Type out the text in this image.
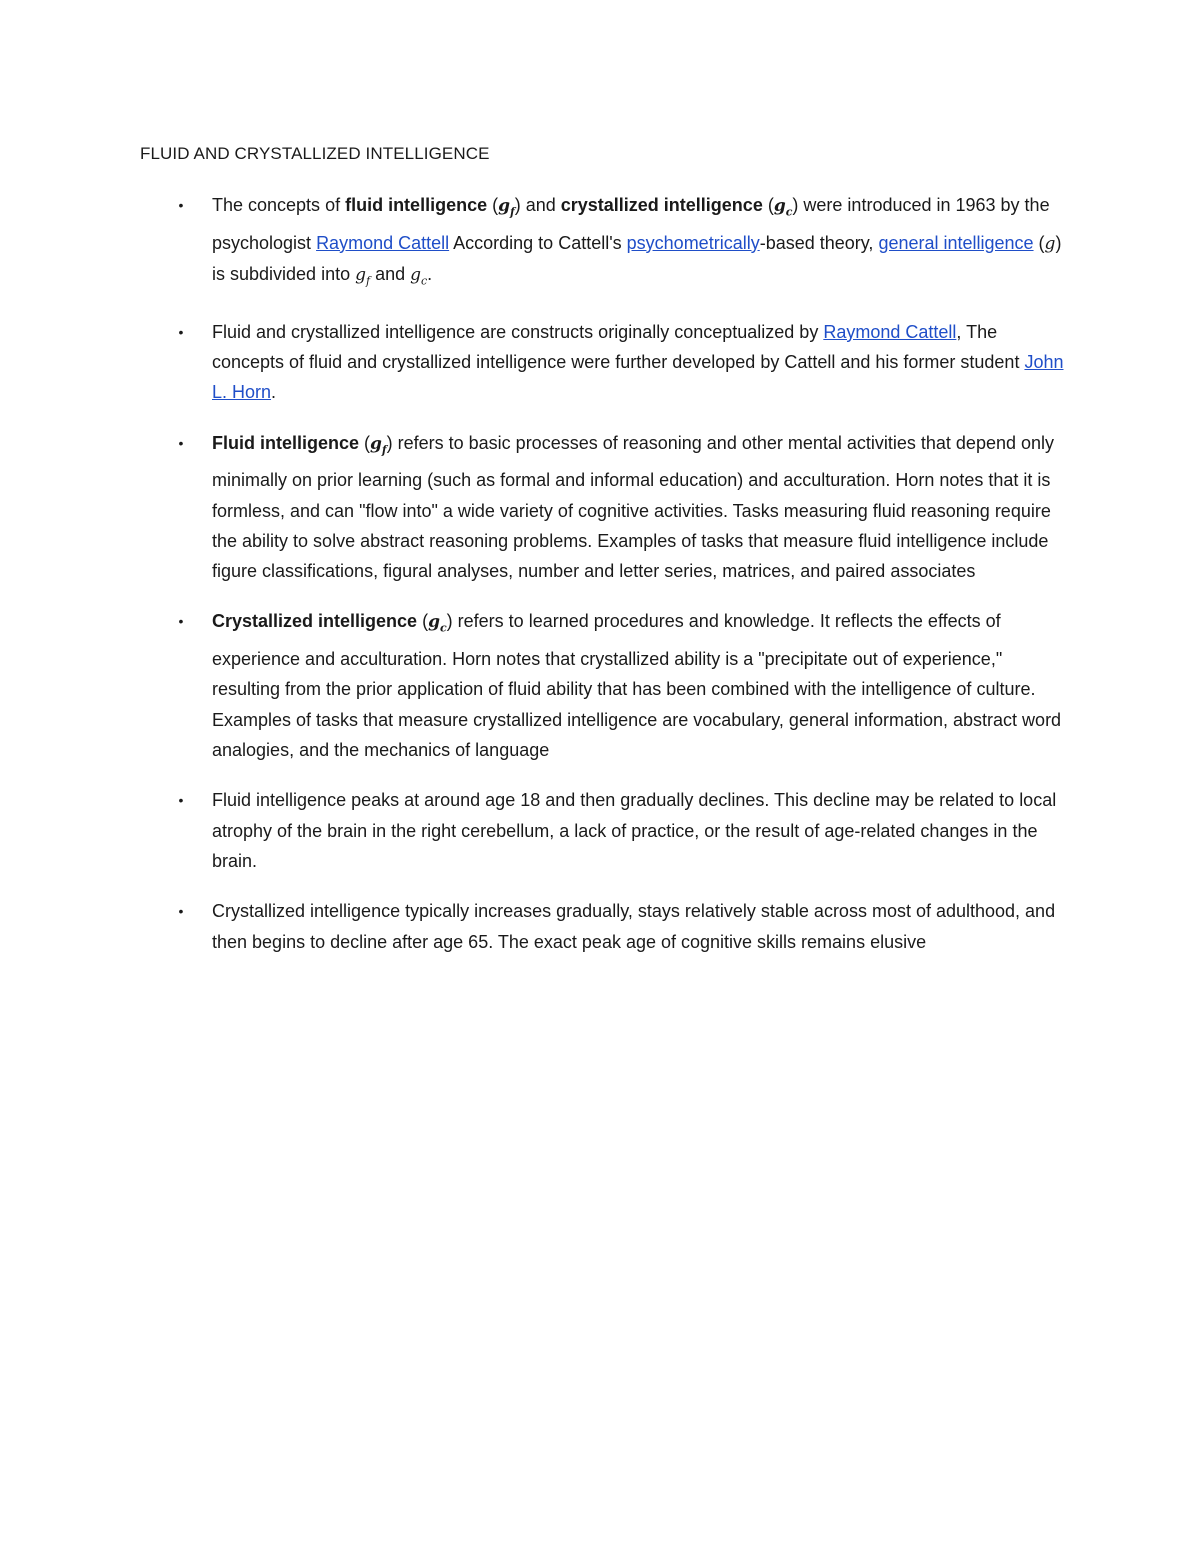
FLUID AND CRYSTALLIZED INTELLIGENCE
• The concepts of fluid intelligence $(g_f)$ and crystallized intelligence $(g_c)$ were introduced in 1963 by the psychologist Raymond Cattell According to Cattell's psychometrically-based theory, general intelligence (g) is subdivided into $g_f$ and $g_c$.
• Fluid and crystallized intelligence are constructs originally conceptualized by Raymond Cattell, The concepts of fluid and crystallized intelligence were further developed by Cattell and his former student John L. Horn.
• Fluid intelligence $(g_f)$ refers to basic processes of reasoning and other mental activities that depend only minimally on prior learning (such as formal and informal education) and acculturation. Horn notes that it is formless, and can "flow into" a wide variety of cognitive activities. Tasks measuring fluid reasoning require the ability to solve abstract reasoning problems. Examples of tasks that measure fluid intelligence include figure classifications, figural analyses, number and letter series, matrices, and paired associates
• Crystallized intelligence $(g_c)$ refers to learned procedures and knowledge. It reflects the effects of experience and acculturation. Horn notes that crystallized ability is a "precipitate out of experience," resulting from the prior application of fluid ability that has been combined with the intelligence of culture. Examples of tasks that measure crystallized intelligence are vocabulary, general information, abstract word analogies, and the mechanics of language
• Fluid intelligence peaks at around age 18 and then gradually declines. This decline may be related to local atrophy of the brain in the right cerebellum, a lack of practice, or the result of age-related changes in the brain.
• Crystallized intelligence typically increases gradually, stays relatively stable across most of adulthood, and then begins to decline after age 65. The exact peak age of cognitive skills remains elusive
